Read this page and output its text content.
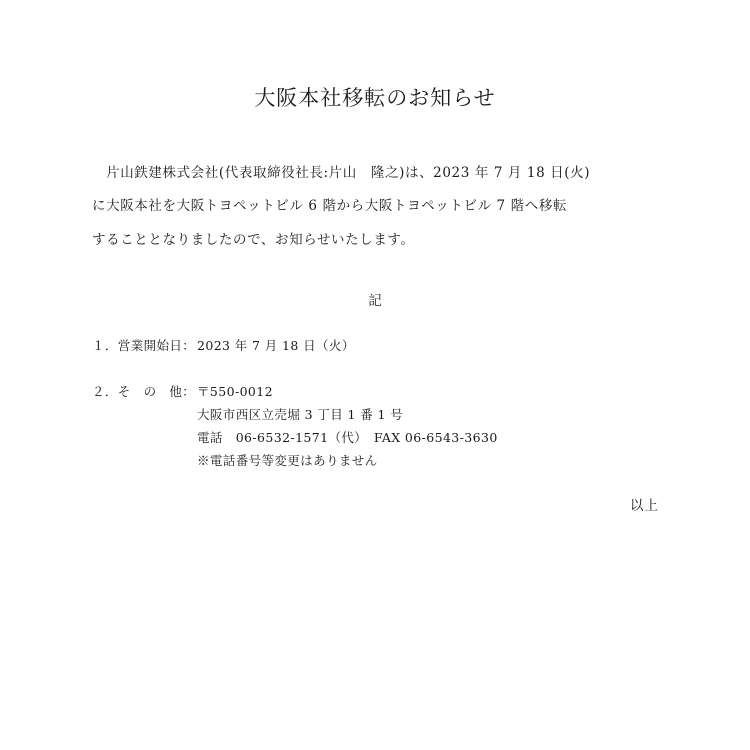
大阪本社移転のお知らせ
　片山鉄建株式会社(代表取締役社長:片山　隆之)は、2023 年 7 月 18 日(火)
に大阪本社を大阪トヨペットビル 6 階から大阪トヨペットビル 7 階へ移転
することとなりましたので、お知らせいたします。
記
１．営業開始日： 2023 年 7 月 18 日（火）
２．そ　の　他： 〒550-0012
大阪市西区立売堀 3 丁目 1 番 1 号
電話　06-6532-1571（代）　FAX 06-6543-3630
※電話番号等変更はありません
以上
